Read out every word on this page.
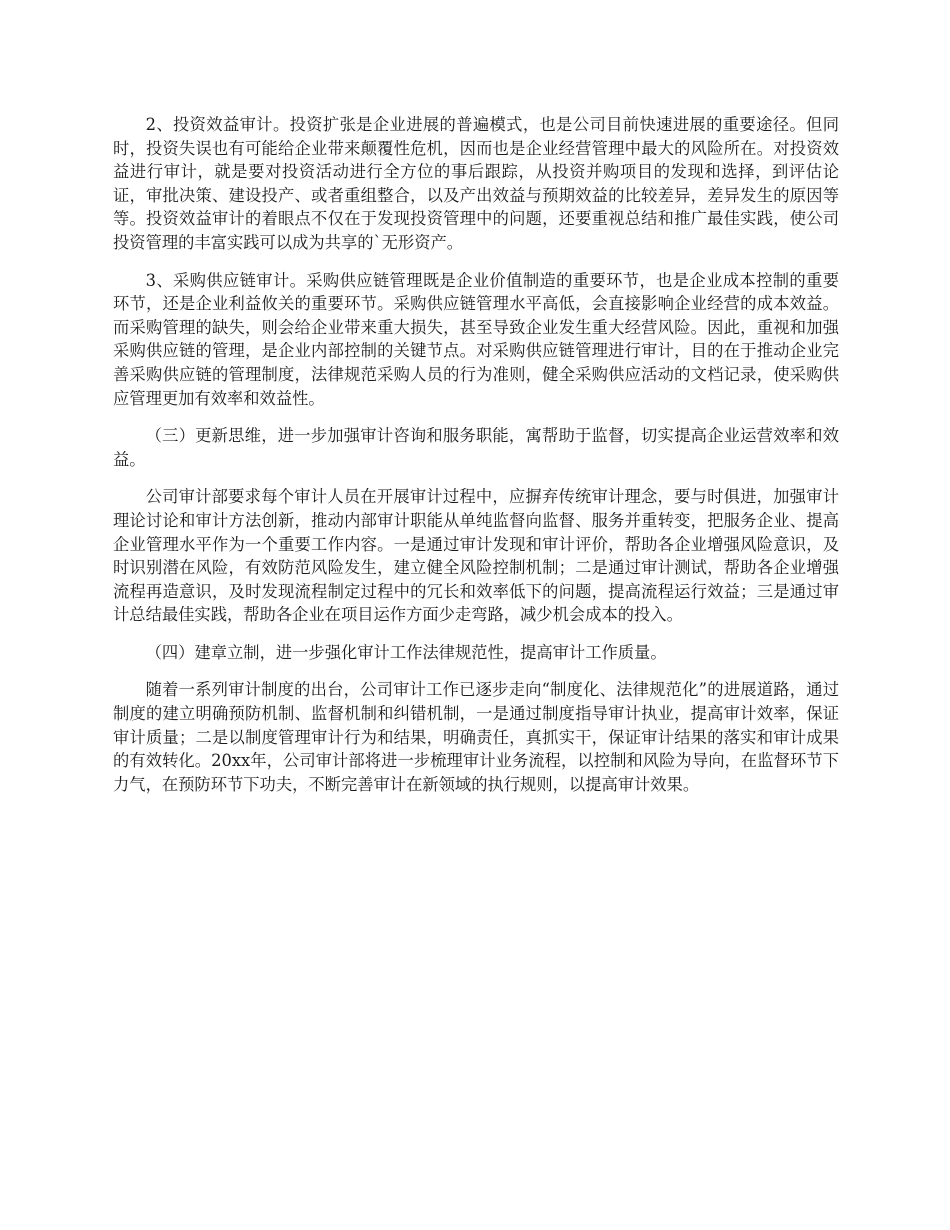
2、投资效益审计。投资扩张是企业进展的普遍模式，也是公司目前快速进展的重要途径。但同时，投资失误也有可能给企业带来颠覆性危机，因而也是企业经营管理中最大的风险所在。对投资效益进行审计，就是要对投资活动进行全方位的事后跟踪，从投资并购项目的发现和选择，到评估论证，审批决策、建设投产、或者重组整合，以及产出效益与预期效益的比较差异，差异发生的原因等等。投资效益审计的着眼点不仅在于发现投资管理中的问题，还要重视总结和推广最佳实践，使公司投资管理的丰富实践可以成为共享的`无形资产。

3、采购供应链审计。采购供应链管理既是企业价值制造的重要环节，也是企业成本控制的重要环节，还是企业利益攸关的重要环节。采购供应链管理水平高低，会直接影响企业经营的成本效益。而采购管理的缺失，则会给企业带来重大损失，甚至导致企业发生重大经营风险。因此，重视和加强采购供应链的管理，是企业内部控制的关键节点。对采购供应链管理进行审计，目的在于推动企业完善采购供应链的管理制度，法律规范采购人员的行为准则，健全采购供应活动的文档记录，使采购供应管理更加有效率和效益性。

（三）更新思维，进一步加强审计咨询和服务职能，寓帮助于监督，切实提高企业运营效率和效益。

公司审计部要求每个审计人员在开展审计过程中，应摒弃传统审计理念，要与时俱进，加强审计理论讨论和审计方法创新，推动内部审计职能从单纯监督向监督、服务并重转变，把服务企业、提高企业管理水平作为一个重要工作内容。一是通过审计发现和审计评价，帮助各企业增强风险意识，及时识别潜在风险，有效防范风险发生，建立健全风险控制机制；二是通过审计测试，帮助各企业增强流程再造意识，及时发现流程制定过程中的冗长和效率低下的问题，提高流程运行效益；三是通过审计总结最佳实践，帮助各企业在项目运作方面少走弯路，减少机会成本的投入。

（四）建章立制，进一步强化审计工作法律规范性，提高审计工作质量。

随着一系列审计制度的出台，公司审计工作已逐步走向“制度化、法律规范化”的进展道路，通过制度的建立明确预防机制、监督机制和纠错机制，一是通过制度指导审计执业，提高审计效率，保证审计质量；二是以制度管理审计行为和结果，明确责任，真抓实干，保证审计结果的落实和审计成果的有效转化。20xx年，公司审计部将进一步梳理审计业务流程，以控制和风险为导向，在监督环节下力气，在预防环节下功夫，不断完善审计在新领域的执行规则，以提高审计效果。
